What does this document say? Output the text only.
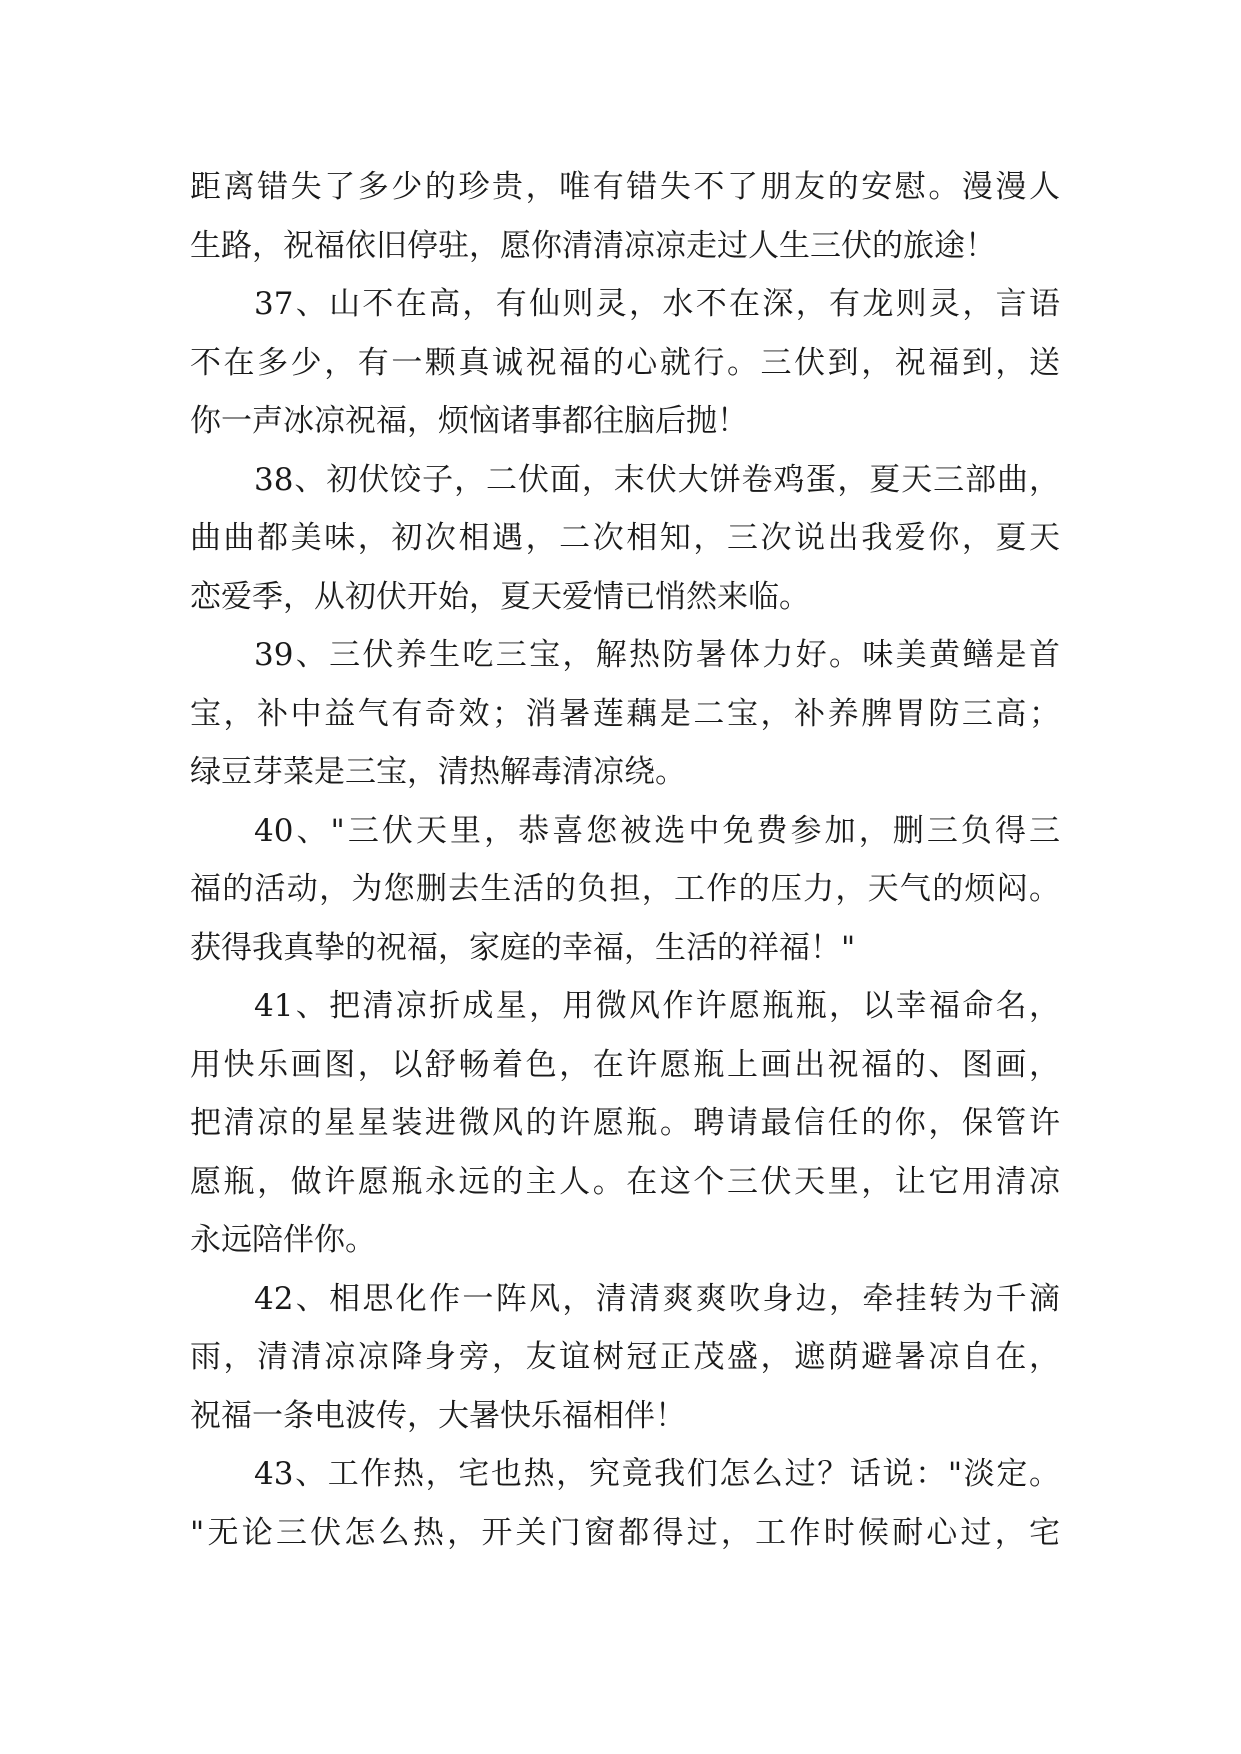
距离错失了多少的珍贵，唯有错失不了朋友的安慰。漫漫人
生路，祝福依旧停驻，愿你清清凉凉走过人生三伏的旅途！
37、山不在高，有仙则灵，水不在深，有龙则灵，言语
不在多少，有一颗真诚祝福的心就行。三伏到，祝福到，送
你一声冰凉祝福，烦恼诸事都往脑后抛！
38、初伏饺子，二伏面，末伏大饼卷鸡蛋，夏天三部曲，
曲曲都美味，初次相遇，二次相知，三次说出我爱你，夏天
恋爱季，从初伏开始，夏天爱情已悄然来临。
39、三伏养生吃三宝，解热防暑体力好。味美黄鳝是首
宝，补中益气有奇效；消暑莲藕是二宝，补养脾胃防三高；
绿豆芽菜是三宝，清热解毒清凉绕。
40、"三伏天里，恭喜您被选中免费参加，删三负得三
福的活动，为您删去生活的负担，工作的压力，天气的烦闷。
获得我真挚的祝福，家庭的幸福，生活的祥福！"
41、把清凉折成星，用微风作许愿瓶瓶，以幸福命名，
用快乐画图，以舒畅着色，在许愿瓶上画出祝福的、图画，
把清凉的星星装进微风的许愿瓶。聘请最信任的你，保管许
愿瓶，做许愿瓶永远的主人。在这个三伏天里，让它用清凉
永远陪伴你。
42、相思化作一阵风，清清爽爽吹身边，牵挂转为千滴
雨，清清凉凉降身旁，友谊树冠正茂盛，遮荫避暑凉自在，
祝福一条电波传，大暑快乐福相伴！
43、工作热，宅也热，究竟我们怎么过？话说："淡定。
"无论三伏怎么热，开关门窗都得过，工作时候耐心过，宅
